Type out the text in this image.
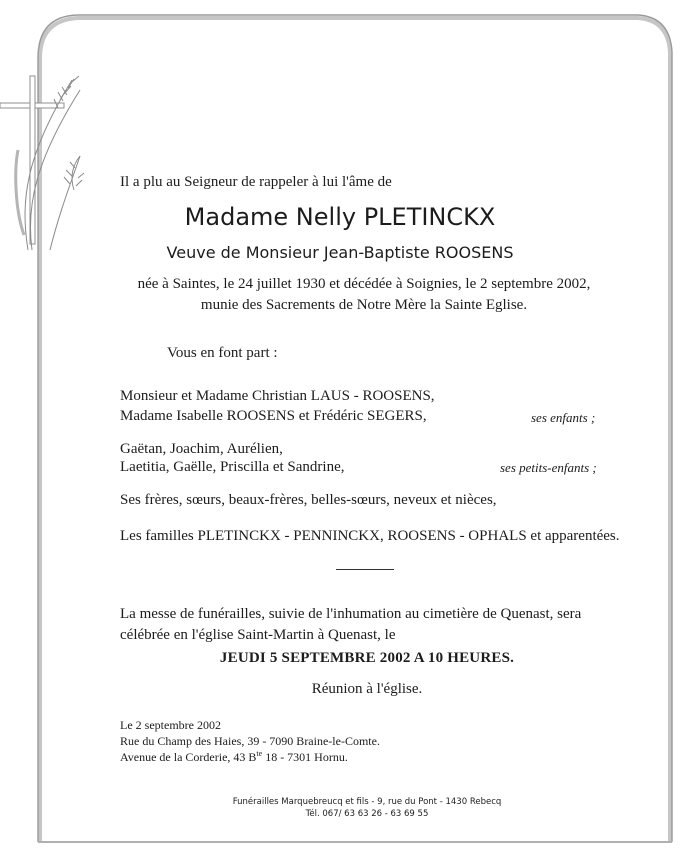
Il a plu au Seigneur de rappeler à lui l'âme de
Madame Nelly PLETINCKX
Veuve de Monsieur Jean-Baptiste ROOSENS
née à Saintes, le 24 juillet 1930 et décédée à Soignies, le 2 septembre 2002,
munie des Sacrements de Notre Mère la Sainte Eglise.
Vous en font part :
Monsieur et Madame Christian LAUS - ROOSENS,
Madame Isabelle ROOSENS et Frédéric SEGERS,	ses enfants ;
Gaëtan, Joachim, Aurélien,
Laetitia, Gaëlle, Priscilla et Sandrine,	ses petits-enfants ;
Ses frères, sœurs, beaux-frères, belles-sœurs, neveux et nièces,
Les familles PLETINCKX - PENNINCKX, ROOSENS - OPHALS et apparentées.
La messe de funérailles, suivie de l'inhumation au cimetière de Quenast, sera
célébrée en l'église Saint-Martin à Quenast, le
JEUDI 5 SEPTEMBRE 2002 A 10 HEURES.
Réunion à l'église.
Le 2 septembre 2002
Rue du Champ des Haies, 39 - 7090 Braine-le-Comte.
Avenue de la Corderie, 43 $B^{te}$ 18 - 7301 Hornu.
Funérailles Marquebreucq et fils - 9, rue du Pont - 1430 Rebecq
Tél. 067/ 63 63 26 - 63 69 55
